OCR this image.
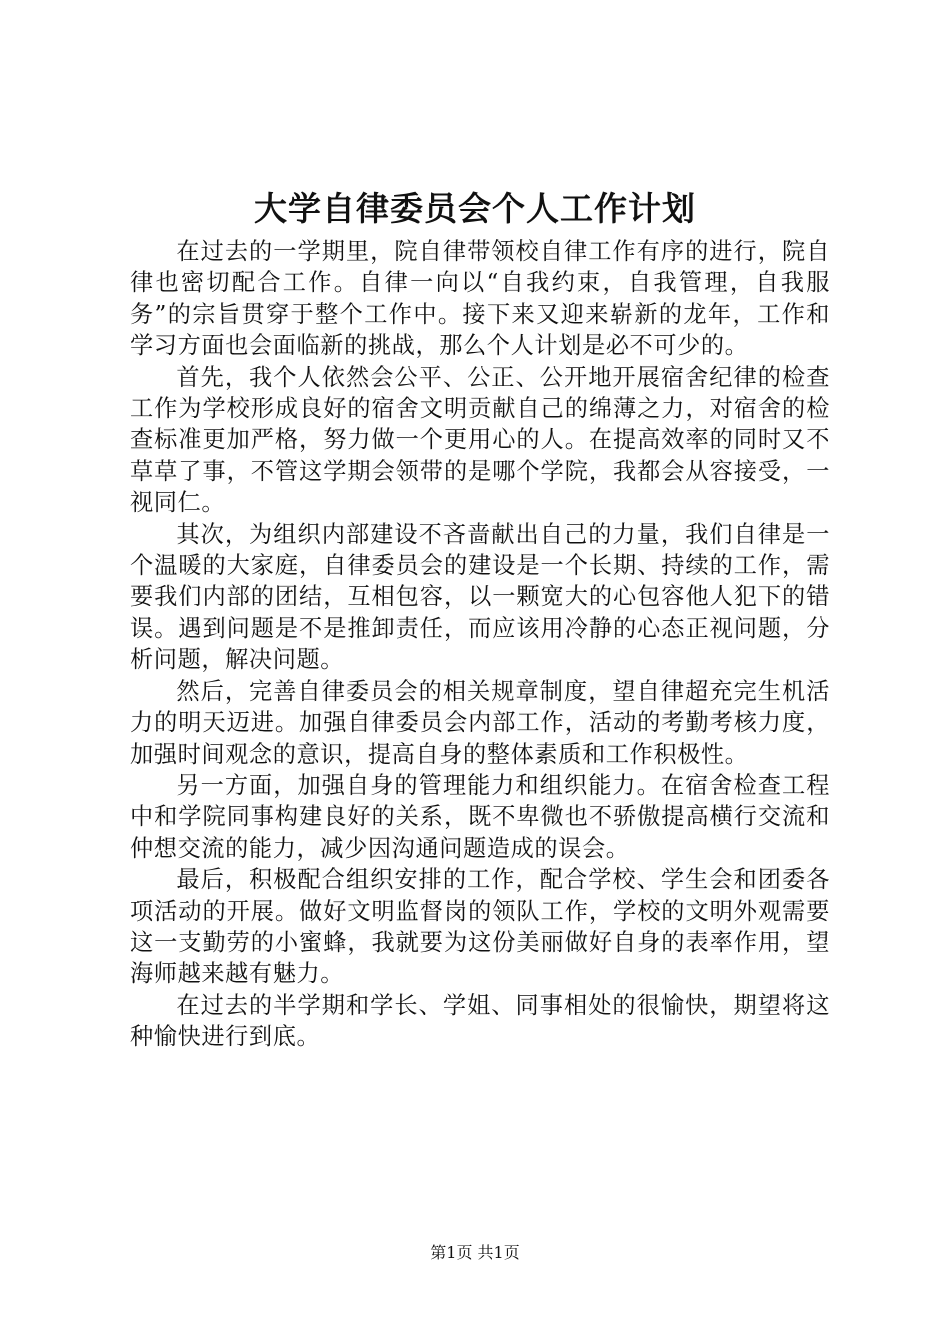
大学自律委员会个人工作计划

在过去的一学期里，院自律带领校自律工作有序的进行，院自律也密切配合工作。自律一向以“自我约束，自我管理，自我服务”的宗旨贯穿于整个工作中。接下来又迎来崭新的龙年，工作和学习方面也会面临新的挑战，那么个人计划是必不可少的。

首先，我个人依然会公平、公正、公开地开展宿舍纪律的检查工作为学校形成良好的宿舍文明贡献自己的绵薄之力，对宿舍的检查标准更加严格，努力做一个更用心的人。在提高效率的同时又不草草了事，不管这学期会领带的是哪个学院，我都会从容接受，一视同仁。

其次，为组织内部建设不吝啬献出自己的力量，我们自律是一个温暖的大家庭，自律委员会的建设是一个长期、持续的工作，需要我们内部的团结，互相包容，以一颗宽大的心包容他人犯下的错误。遇到问题是不是推卸责任，而应该用冷静的心态正视问题，分析问题，解决问题。

然后，完善自律委员会的相关规章制度，望自律超充完生机活力的明天迈进。加强自律委员会内部工作，活动的考勤考核力度，加强时间观念的意识，提高自身的整体素质和工作积极性。

另一方面，加强自身的管理能力和组织能力。在宿舍检查工程中和学院同事构建良好的关系，既不卑微也不骄傲提高横行交流和仲想交流的能力，减少因沟通问题造成的误会。

最后，积极配合组织安排的工作，配合学校、学生会和团委各项活动的开展。做好文明监督岗的领队工作，学校的文明外观需要这一支勤劳的小蜜蜂，我就要为这份美丽做好自身的表率作用，望海师越来越有魅力。

在过去的半学期和学长、学姐、同事相处的很愉快，期望将这种愉快进行到底。

第1页 共1页
